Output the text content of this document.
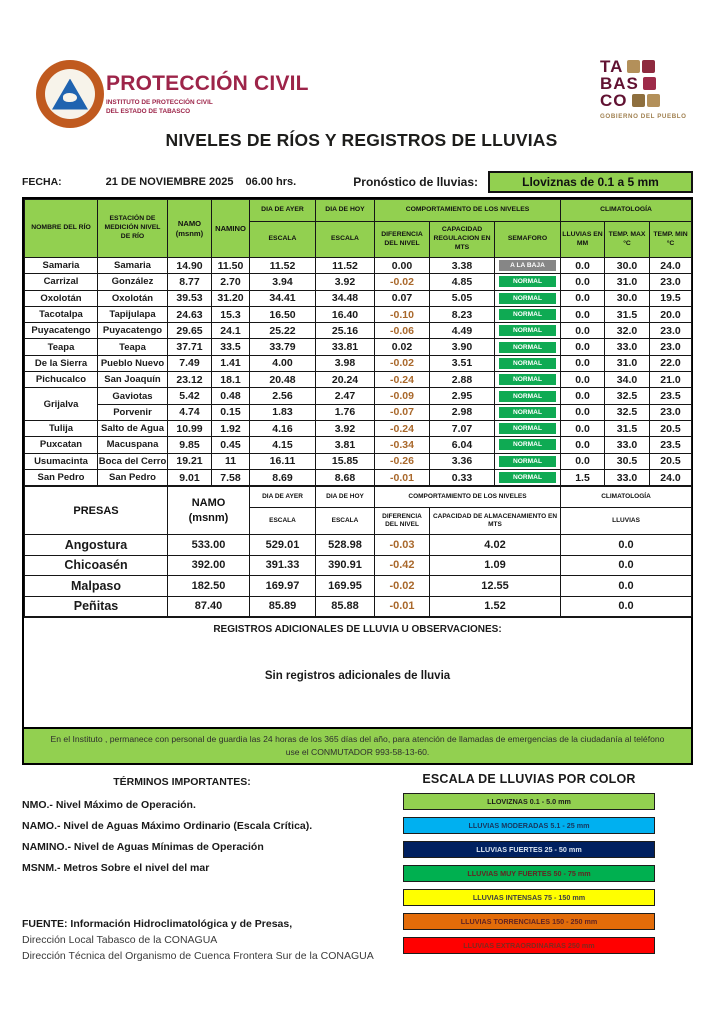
PROTECCIÓN CIVIL
INSTITUTO DE PROTECCIÓN CIVIL
DEL ESTADO DE TABASCO
TA
BAS
CO
GOBIERNO DEL PUEBLO
NIVELES DE RÍOS Y REGISTROS DE LLUVIAS
FECHA:	21 DE NOVIEMBRE 2025 06.00 hrs.	Pronóstico de lluvias:	Lloviznas de 0.1 a 5 mm
NOMBRE DEL RÍO	ESTACIÓN DE MEDICIÓN NIVEL DE RÍO	NAMO
(msnm)	NAMINO	DIA DE AYER	DIA DE HOY	COMPORTAMIENTO DE LOS NIVELES			CLIMATOLOGÍA		
				ESCALA	ESCALA	DIFERENCIA DEL NIVEL	CAPACIDAD REGULACION EN MTS	SEMAFORO	LLUVIAS EN MM	TEMP. MAX °C	TEMP. MIN °C
Samaria	Samaria	14.90	11.50	11.52	11.52	0.00	3.38	A LA BAJA	0.0	30.0	24.0
Carrizal	González	8.77	2.70	3.94	3.92	-0.02	4.85	NORMAL	0.0	31.0	23.0
Oxolotán	Oxolotán	39.53	31.20	34.41	34.48	0.07	5.05	NORMAL	0.0	30.0	19.5
Tacotalpa	Tapijulapa	24.63	15.3	16.50	16.40	-0.10	8.23	NORMAL	0.0	31.5	20.0
Puyacatengo	Puyacatengo	29.65	24.1	25.22	25.16	-0.06	4.49	NORMAL	0.0	32.0	23.0
Teapa	Teapa	37.71	33.5	33.79	33.81	0.02	3.90	NORMAL	0.0	33.0	23.0
De la Sierra	Pueblo Nuevo	7.49	1.41	4.00	3.98	-0.02	3.51	NORMAL	0.0	31.0	22.0
Pichucalco	San Joaquín	23.12	18.1	20.48	20.24	-0.24	2.88	NORMAL	0.0	34.0	21.0
Grijalva	Gaviotas	5.42	0.48	2.56	2.47	-0.09	2.95	NORMAL	0.0	32.5	23.5
	Porvenir	4.74	0.15	1.83	1.76	-0.07	2.98	NORMAL	0.0	32.5	23.0
Tulija	Salto de Agua	10.99	1.92	4.16	3.92	-0.24	7.07	NORMAL	0.0	31.5	20.5
Puxcatan	Macuspana	9.85	0.45	4.15	3.81	-0.34	6.04	NORMAL	0.0	33.0	23.5
Usumacinta	Boca del Cerro	19.21	11	16.11	15.85	-0.26	3.36	NORMAL	0.0	30.5	20.5
San Pedro	San Pedro	9.01	7.58	8.69	8.68	-0.01	0.33	NORMAL	1.5	33.0	24.0
PRESAS	NAMO
(msnm)	DIA DE AYER	DIA DE HOY	COMPORTAMIENTO DE LOS NIVELES		CLIMATOLOGÍA
		ESCALA	ESCALA	DIFERENCIA DEL NIVEL	CAPACIDAD DE ALMACENAMIENTO EN MTS	LLUVIAS
Angostura	533.00	529.01	528.98	-0.03	4.02	0.0
Chicoasén	392.00	391.33	390.91	-0.42	1.09	0.0
Malpaso	182.50	169.97	169.95	-0.02	12.55	0.0
Peñitas	87.40	85.89	85.88	-0.01	1.52	0.0
REGISTROS ADICIONALES DE LLUVIA U OBSERVACIONES:
Sin registros adicionales de lluvia
En el Instituto , permanece con personal de guardia las 24 horas de los 365 días del año, para atención de llamadas de emergencias de la ciudadanía al teléfono use el CONMUTADOR 993-58-13-60.
TÉRMINOS IMPORTANTES:
NMO.- Nivel Máximo de Operación.
NAMO.- Nivel de Aguas Máximo Ordinario (Escala Crítica).
NAMINO.- Nivel de Aguas Mínimas de Operación
MSNM.- Metros Sobre el nivel del mar
ESCALA DE LLUVIAS POR COLOR
LLOVIZNAS 0.1 - 5.0 mm
LLUVIAS MODERADAS 5.1 - 25 mm
LLUVIAS FUERTES 25 - 50 mm
LLUVIAS MUY FUERTES 50 - 75 mm
LLUVIAS INTENSAS 75 - 150 mm
LLUVIAS TORRENCIALES 150 - 250 mm
LLUVIAS EXTRAORDINARIAS 250 mm
FUENTE: Información Hidroclimatológica y de Presas,
Dirección Local Tabasco de la CONAGUA
Dirección Técnica del Organismo de Cuenca Frontera Sur de la CONAGUA
